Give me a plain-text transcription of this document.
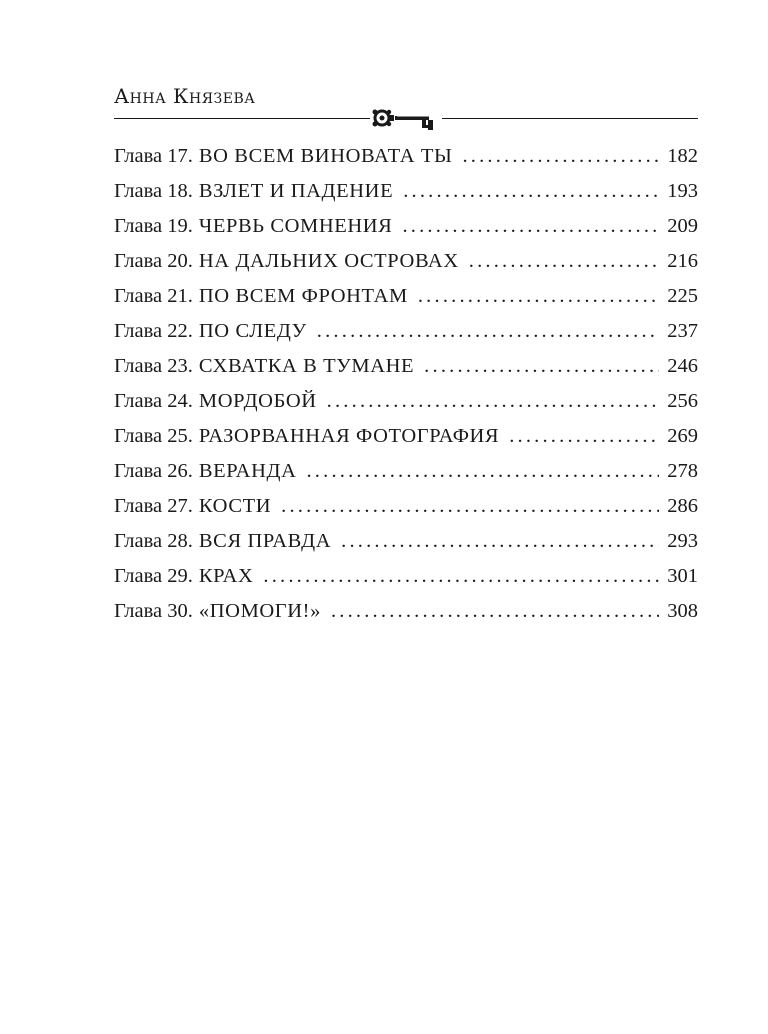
Анна Князева
Глава 17. ВО ВСЕМ ВИНОВАТА ТЫ .....	182
Глава 18. ВЗЛЕТ И ПАДЕНИЕ .....	193
Глава 19. ЧЕРВЬ СОМНЕНИЯ .....	209
Глава 20. НА ДАЛЬНИХ ОСТРОВАХ .....	216
Глава 21. ПО ВСЕМ ФРОНТАМ .....	225
Глава 22. ПО СЛЕДУ .....	237
Глава 23. СХВАТКА В ТУМАНЕ .....	246
Глава 24. МОРДОБОЙ .....	256
Глава 25. РАЗОРВАННАЯ ФОТОГРАФИЯ .....	269
Глава 26. ВЕРАНДА .....	278
Глава 27. КОСТИ .....	286
Глава 28. ВСЯ ПРАВДА .....	293
Глава 29. КРАХ .....	301
Глава 30. «ПОМОГИ!» .....	308
